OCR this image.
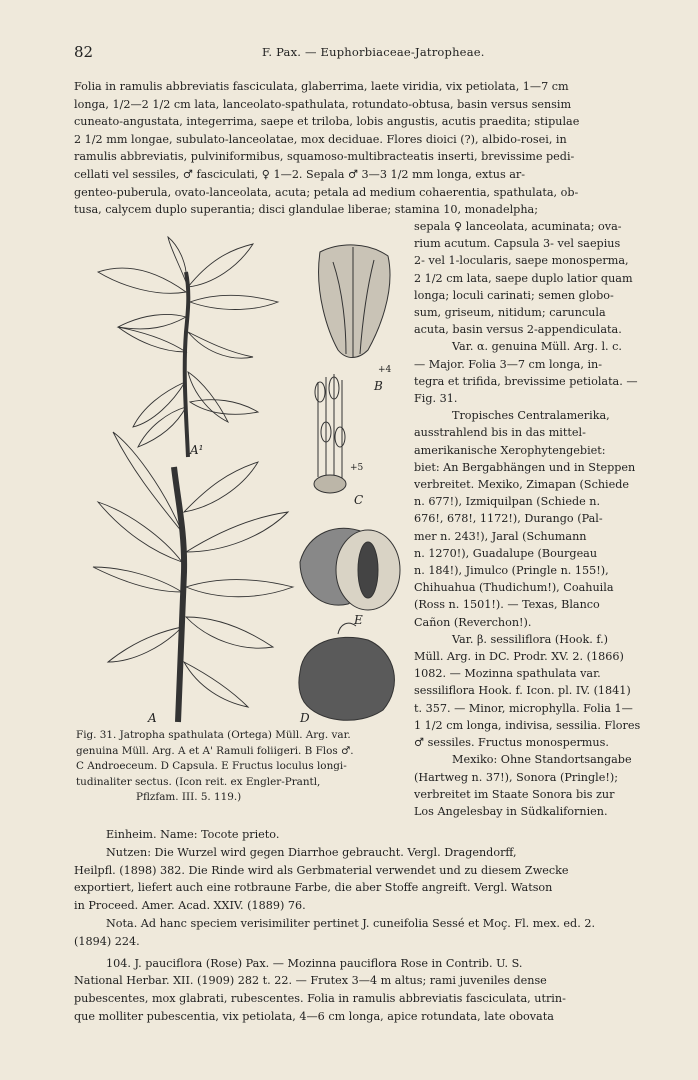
82	F. Pax. — Euphorbiaceae-Jatropheae.
Folia in ramulis abbreviatis fasciculata, glaberrima, laete viridia, vix petiolata, 1—7 cm
longa, 1/2—2 1/2 cm lata, lanceolato-spathulata, rotundato-obtusa, basin versus sensim
cuneato-angustata, integerrima, saepe et triloba, lobis angustis, acutis praedita; stipulae
2 1/2 mm longae, subulato-lanceolatae, mox deciduae. Flores dioici (?), albido-rosei, in
ramulis abbreviatis, pulviniformibus, squamoso-multibracteatis inserti, brevissime pedi-
cellati vel sessiles, ♂ fasciculati, ♀ 1—2. Sepala ♂ 3—3 1/2 mm longa, extus ar-
genteo-puberula, ovato-lanceolata, acuta; petala ad medium cohaerentia, spathulata, ob-
tusa, calycem duplo superantia; disci glandulae liberae; stamina 10, monadelpha;
sepala ♀ lanceolata, acuminata; ova-
rium acutum. Capsula 3- vel saepius
2- vel 1-locularis, saepe monosperma,
2 1/2 cm lata, saepe duplo latior quam
longa; loculi carinati; semen globo-
sum, griseum, nitidum; caruncula
acuta, basin versus 2-appendiculata.
Var. α. genuina Müll. Arg. l. c.
— Major. Folia 3—7 cm longa, in-
tegra et trifida, brevissime petiolata. —
Fig. 31.
Tropisches Centralamerika,
ausstrahlend bis in das mittel-
amerikanische Xerophytengebiet:
biet: An Bergabhängen und in Steppen
verbreitet. Mexiko, Zimapan (Schiede
n. 677!), Izmiquilpan (Schiede n.
676!, 678!, 1172!), Durango (Pal-
mer n. 243!), Jaral (Schumann
n. 1270!), Guadalupe (Bourgeau
n. 184!), Jimulco (Pringle n. 155!),
Chihuahua (Thudichum!), Coahuila
(Ross n. 1501!). — Texas, Blanco
Cañon (Reverchon!).
Var. β. sessiliflora (Hook. f.)
Müll. Arg. in DC. Prodr. XV. 2. (1866)
1082. — Mozinna spathulata var.
sessiliflora Hook. f. Icon. pl. IV. (1841)
t. 357. — Minor, microphylla. Folia 1—
1 1/2 cm longa, indivisa, sessilia. Flores
♂ sessiles. Fructus monospermus.
Mexiko: Ohne Standortsangabe
(Hartweg n. 37!), Sonora (Pringle!);
verbreitet im Staate Sonora bis zur
Los Angelesbay in Südkalifornien.
A¹
A
+4
B
+5
C
E
D
Fig. 31. Jatropha spathulata (Ortega) Müll. Arg. var.
genuina Müll. Arg. A et A' Ramuli foliigeri. B Flos ♂.
C Androeceum. D Capsula. E Fructus loculus longi-
tudinaliter sectus. (Icon reit. ex Engler-Prantl,
Pflzfam. III. 5. 119.)
Einheim. Name: Tocote prieto.
Nutzen: Die Wurzel wird gegen Diarrhoe gebraucht. Vergl. Dragendorff,
Heilpfl. (1898) 382. Die Rinde wird als Gerbmaterial verwendet und zu diesem Zwecke
exportiert, liefert auch eine rotbraune Farbe, die aber Stoffe angreift. Vergl. Watson
in Proceed. Amer. Acad. XXIV. (1889) 76.
Nota. Ad hanc speciem verisimiliter pertinet J. cuneifolia Sessé et Moç. Fl. mex. ed. 2.
(1894) 224.
104. J. pauciflora (Rose) Pax. — Mozinna pauciflora Rose in Contrib. U. S.
National Herbar. XII. (1909) 282 t. 22. — Frutex 3—4 m altus; rami juveniles dense
pubescentes, mox glabrati, rubescentes. Folia in ramulis abbreviatis fasciculata, utrin-
que molliter pubescentia, vix petiolata, 4—6 cm longa, apice rotundata, late obovata
